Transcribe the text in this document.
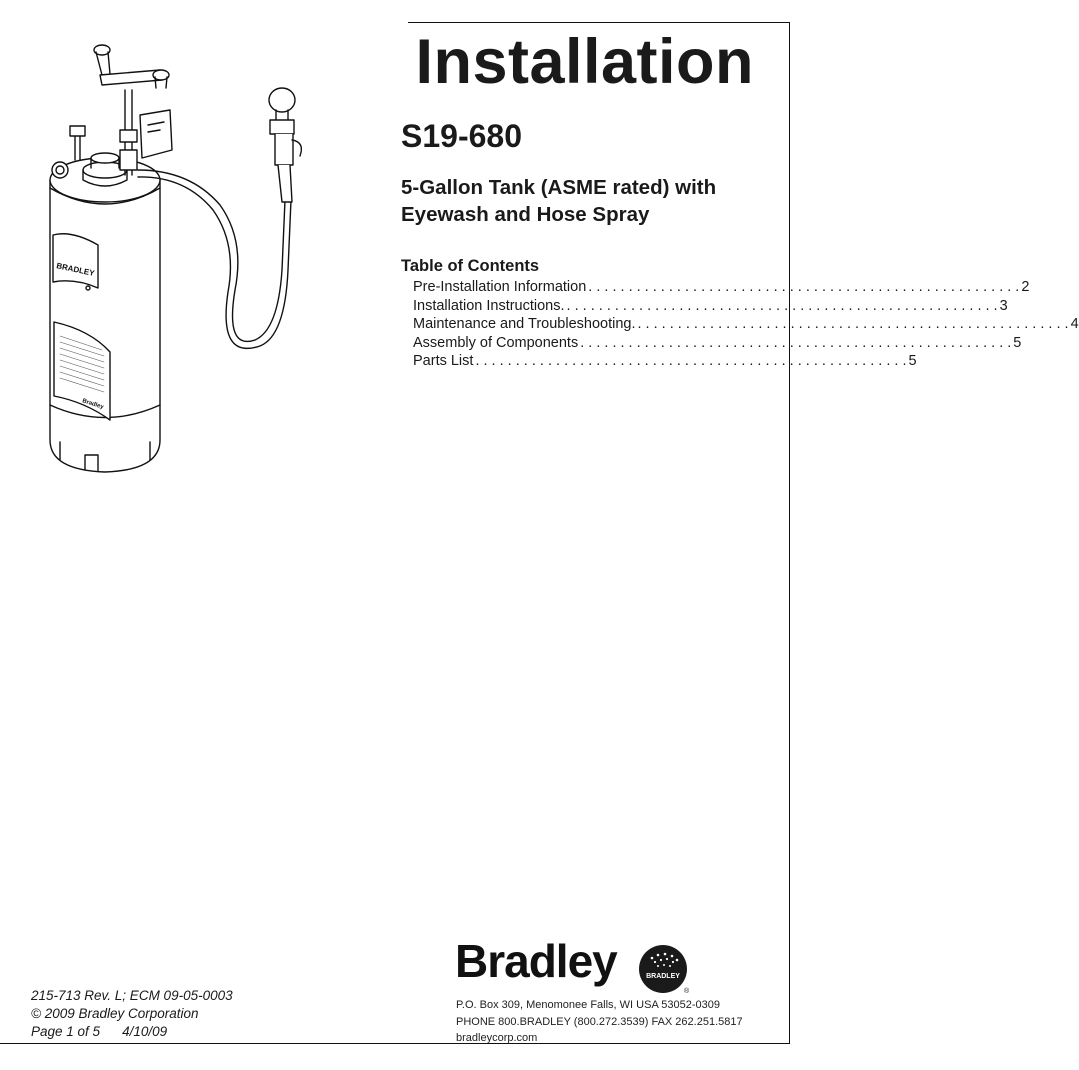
Installation
S19-680
5-Gallon Tank (ASME rated) with
Eyewash and Hose Spray
Table of Contents
Pre-Installation Information . . .	2
Installation Instructions. . . .	3
Maintenance and Troubleshooting. . . .	4
Assembly of Components . . .	5
Parts List . . .	5
BRADLEY
Bradley
215-713 Rev. L; ECM 09-05-0003
© 2009 Bradley Corporation
Page 1 of 5 4/10/09
Bradley	BRADLEY
®
P.O. Box 309, Menomonee Falls, WI USA 53052-0309
PHONE 800.BRADLEY (800.272.3539) FAX 262.251.5817
bradleycorp.com
